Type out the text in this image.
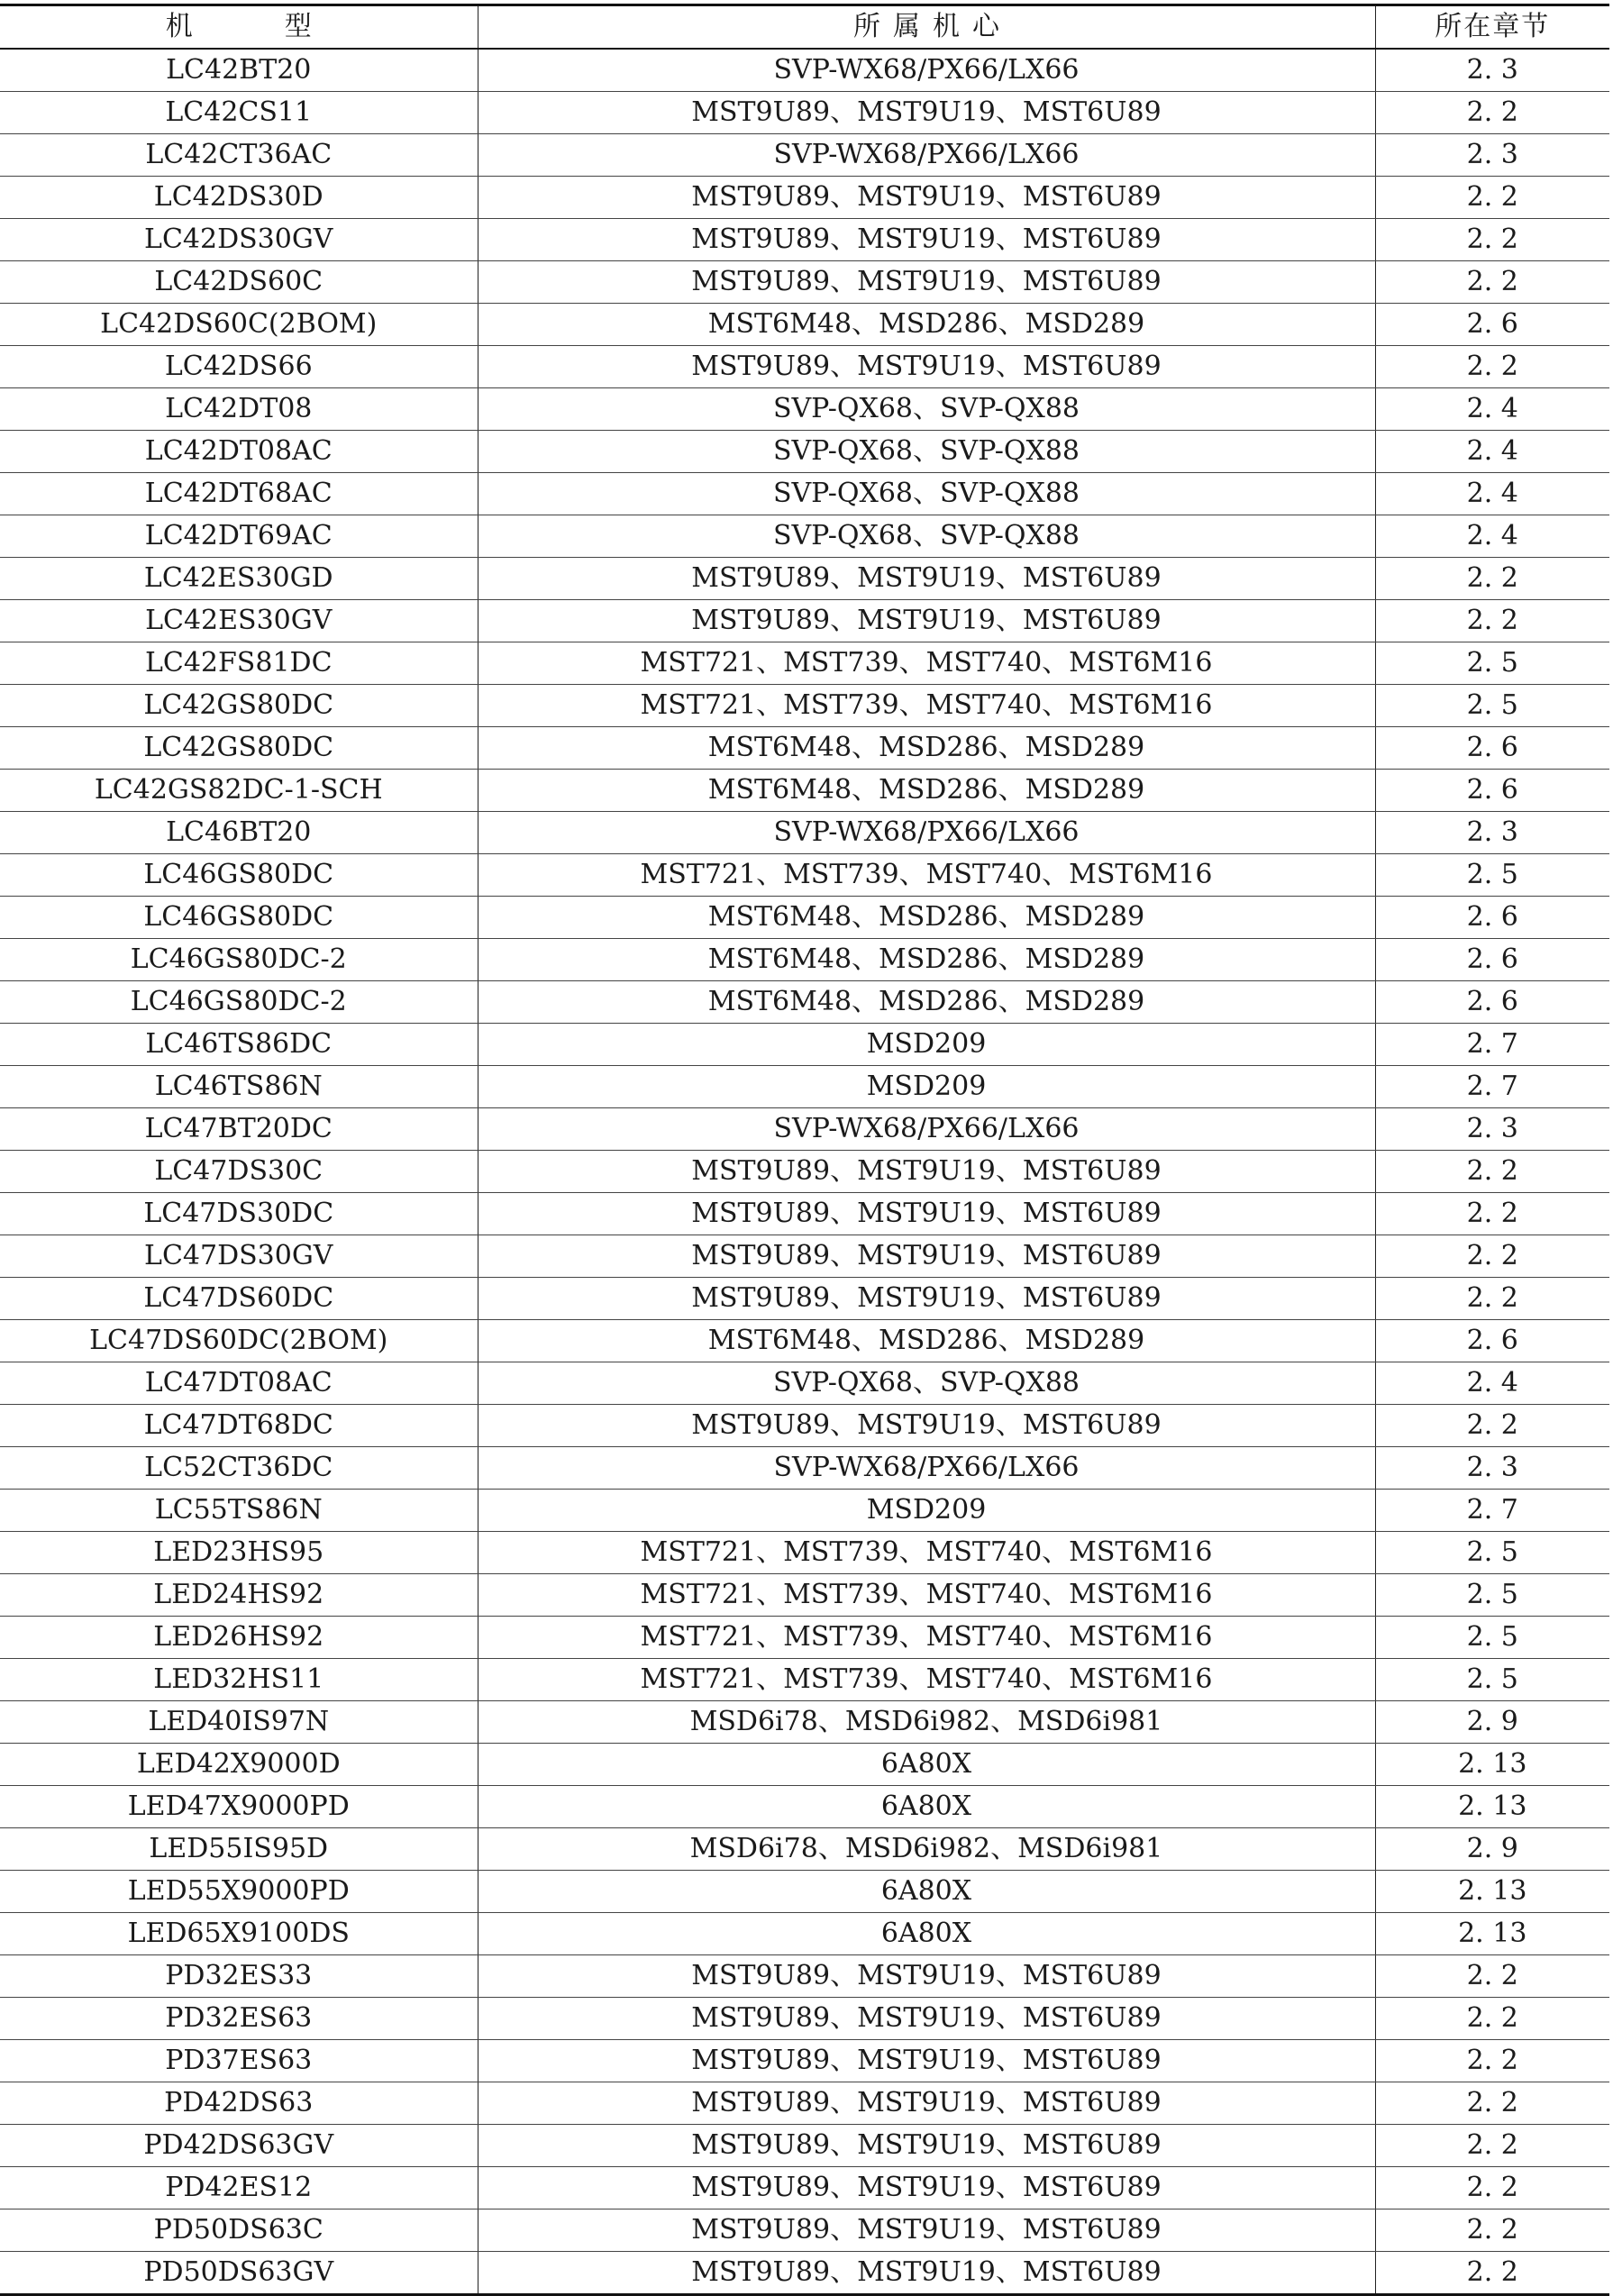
机　型	所属机心	所在章节
LC42BT20	SVP-WX68/PX66/LX66	2. 3
LC42CS11	MST9U89、MST9U19、MST6U89	2. 2
LC42CT36AC	SVP-WX68/PX66/LX66	2. 3
LC42DS30D	MST9U89、MST9U19、MST6U89	2. 2
LC42DS30GV	MST9U89、MST9U19、MST6U89	2. 2
LC42DS60C	MST9U89、MST9U19、MST6U89	2. 2
LC42DS60C(2BOM)	MST6M48、MSD286、MSD289	2. 6
LC42DS66	MST9U89、MST9U19、MST6U89	2. 2
LC42DT08	SVP-QX68、SVP-QX88	2. 4
LC42DT08AC	SVP-QX68、SVP-QX88	2. 4
LC42DT68AC	SVP-QX68、SVP-QX88	2. 4
LC42DT69AC	SVP-QX68、SVP-QX88	2. 4
LC42ES30GD	MST9U89、MST9U19、MST6U89	2. 2
LC42ES30GV	MST9U89、MST9U19、MST6U89	2. 2
LC42FS81DC	MST721、MST739、MST740、MST6M16	2. 5
LC42GS80DC	MST721、MST739、MST740、MST6M16	2. 5
LC42GS80DC	MST6M48、MSD286、MSD289	2. 6
LC42GS82DC-1-SCH	MST6M48、MSD286、MSD289	2. 6
LC46BT20	SVP-WX68/PX66/LX66	2. 3
LC46GS80DC	MST721、MST739、MST740、MST6M16	2. 5
LC46GS80DC	MST6M48、MSD286、MSD289	2. 6
LC46GS80DC-2	MST6M48、MSD286、MSD289	2. 6
LC46GS80DC-2	MST6M48、MSD286、MSD289	2. 6
LC46TS86DC	MSD209	2. 7
LC46TS86N	MSD209	2. 7
LC47BT20DC	SVP-WX68/PX66/LX66	2. 3
LC47DS30C	MST9U89、MST9U19、MST6U89	2. 2
LC47DS30DC	MST9U89、MST9U19、MST6U89	2. 2
LC47DS30GV	MST9U89、MST9U19、MST6U89	2. 2
LC47DS60DC	MST9U89、MST9U19、MST6U89	2. 2
LC47DS60DC(2BOM)	MST6M48、MSD286、MSD289	2. 6
LC47DT08AC	SVP-QX68、SVP-QX88	2. 4
LC47DT68DC	MST9U89、MST9U19、MST6U89	2. 2
LC52CT36DC	SVP-WX68/PX66/LX66	2. 3
LC55TS86N	MSD209	2. 7
LED23HS95	MST721、MST739、MST740、MST6M16	2. 5
LED24HS92	MST721、MST739、MST740、MST6M16	2. 5
LED26HS92	MST721、MST739、MST740、MST6M16	2. 5
LED32HS11	MST721、MST739、MST740、MST6M16	2. 5
LED40IS97N	MSD6i78、MSD6i982、MSD6i981	2. 9
LED42X9000D	6A80X	2. 13
LED47X9000PD	6A80X	2. 13
LED55IS95D	MSD6i78、MSD6i982、MSD6i981	2. 9
LED55X9000PD	6A80X	2. 13
LED65X9100DS	6A80X	2. 13
PD32ES33	MST9U89、MST9U19、MST6U89	2. 2
PD32ES63	MST9U89、MST9U19、MST6U89	2. 2
PD37ES63	MST9U89、MST9U19、MST6U89	2. 2
PD42DS63	MST9U89、MST9U19、MST6U89	2. 2
PD42DS63GV	MST9U89、MST9U19、MST6U89	2. 2
PD42ES12	MST9U89、MST9U19、MST6U89	2. 2
PD50DS63C	MST9U89、MST9U19、MST6U89	2. 2
PD50DS63GV	MST9U89、MST9U19、MST6U89	2. 2
